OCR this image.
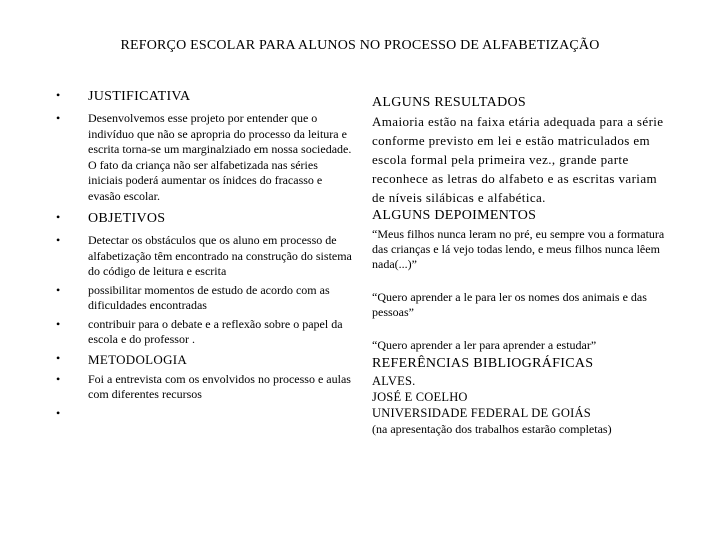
REFORÇO ESCOLAR PARA ALUNOS NO PROCESSO DE ALFABETIZAÇÃO
• JUSTIFICATIVA
• Desenvolvemos esse projeto por entender que o indivíduo que não se apropria do processo da leitura e escrita torna-se um marginalziado em nossa sociedade. O fato da criança não ser alfabetizada nas séries iniciais poderá aumentar os ínidces do fracasso e evasão escolar.
• OBJETIVOS
• Detectar os obstáculos que os aluno em processo de alfabetização têm encontrado na construção do sistema do código de leitura e escrita
• possibilitar momentos de estudo de acordo com as dificuldades encontradas
• contribuir para o debate e a reflexão sobre o papel da escola e do professor .
• METODOLOGIA
• Foi a entrevista com os envolvidos no processo e aulas com diferentes recursos
•
ALGUNS RESULTADOS
Amaioria estão na faixa etária adequada para a série conforme previsto em lei e estão matriculados em escola formal pela primeira vez., grande parte reconhece as letras do alfabeto e as escritas variam de níveis silábicas e alfabética.
ALGUNS DEPOIMENTOS
“Meus filhos nunca leram no pré, eu sempre vou a formatura das crianças e lá vejo todas lendo, e meus filhos nunca lêem nada(...)”
“Quero aprender a le para ler os nomes dos animais e das pessoas”
“Quero aprender a ler para aprender a estudar”
REFERÊNCIAS BIBLIOGRÁFICAS
ALVES.
JOSÉ E COELHO
UNIVERSIDADE FEDERAL DE GOIÁS
(na apresentação dos trabalhos estarão completas)
